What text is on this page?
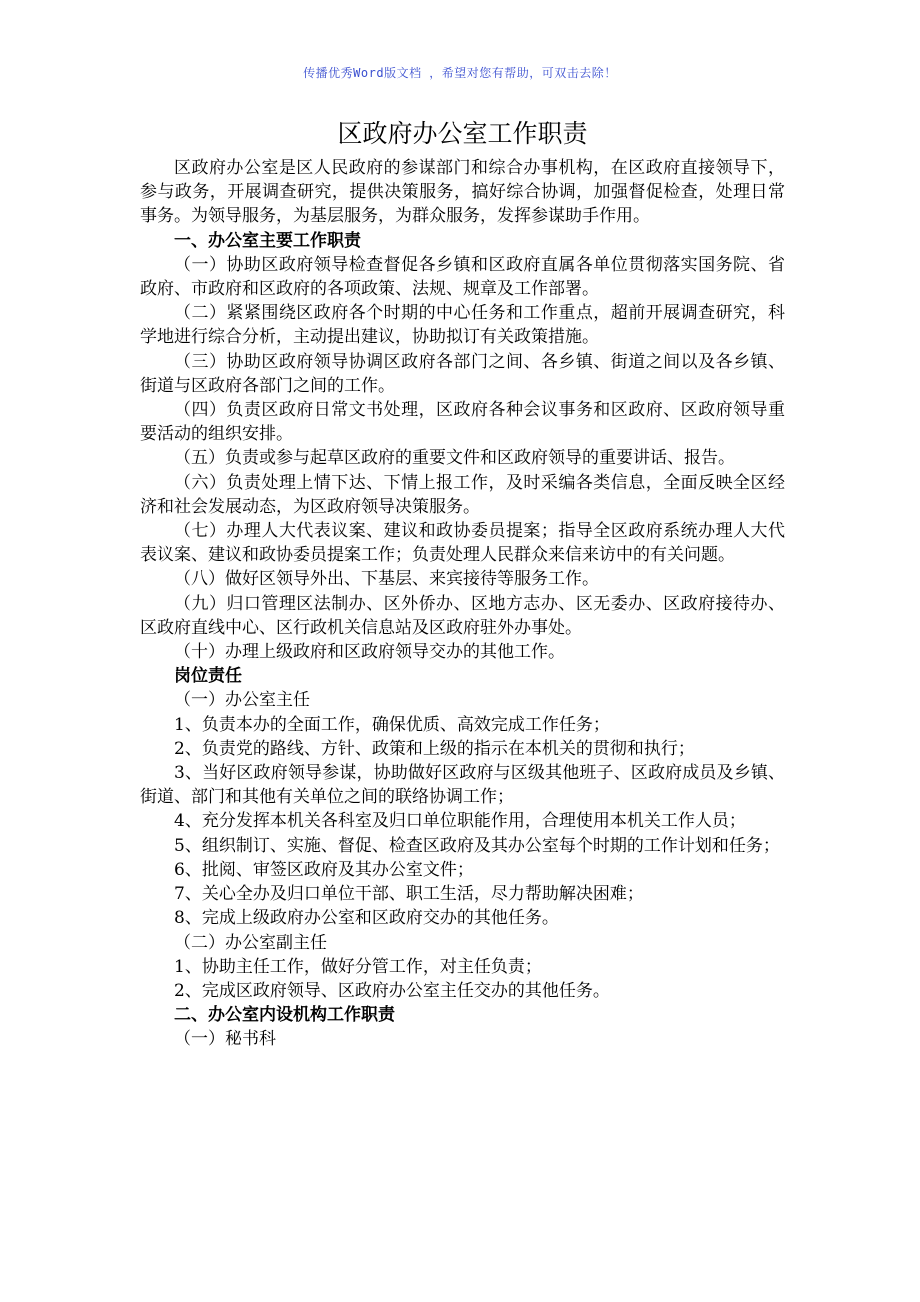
传播优秀Word版文档 ，希望对您有帮助，可双击去除！
区政府办公室工作职责

区政府办公室是区人民政府的参谋部门和综合办事机构，在区政府直接领导下，参与政务，开展调查研究，提供决策服务，搞好综合协调，加强督促检查，处理日常事务。为领导服务，为基层服务，为群众服务，发挥参谋助手作用。

一、办公室主要工作职责

（一）协助区政府领导检查督促各乡镇和区政府直属各单位贯彻落实国务院、省政府、市政府和区政府的各项政策、法规、规章及工作部署。

（二）紧紧围绕区政府各个时期的中心任务和工作重点，超前开展调查研究，科学地进行综合分析，主动提出建议，协助拟订有关政策措施。

（三）协助区政府领导协调区政府各部门之间、各乡镇、街道之间以及各乡镇、街道与区政府各部门之间的工作。

（四）负责区政府日常文书处理，区政府各种会议事务和区政府、区政府领导重要活动的组织安排。

（五）负责或参与起草区政府的重要文件和区政府领导的重要讲话、报告。

（六）负责处理上情下达、下情上报工作，及时采编各类信息，全面反映全区经济和社会发展动态，为区政府领导决策服务。

（七）办理人大代表议案、建议和政协委员提案；指导全区政府系统办理人大代表议案、建议和政协委员提案工作；负责处理人民群众来信来访中的有关问题。

（八）做好区领导外出、下基层、来宾接待等服务工作。

（九）归口管理区法制办、区外侨办、区地方志办、区无委办、区政府接待办、区政府直线中心、区行政机关信息站及区政府驻外办事处。

（十）办理上级政府和区政府领导交办的其他工作。

岗位责任

（一）办公室主任

1、负责本办的全面工作，确保优质、高效完成工作任务；

2、负责党的路线、方针、政策和上级的指示在本机关的贯彻和执行；

3、当好区政府领导参谋，协助做好区政府与区级其他班子、区政府成员及乡镇、街道、部门和其他有关单位之间的联络协调工作；

4、充分发挥本机关各科室及归口单位职能作用，合理使用本机关工作人员；

5、组织制订、实施、督促、检查区政府及其办公室每个时期的工作计划和任务；

6、批阅、审签区政府及其办公室文件；

7、关心全办及归口单位干部、职工生活，尽力帮助解决困难；

8、完成上级政府办公室和区政府交办的其他任务。

（二）办公室副主任

1、协助主任工作，做好分管工作，对主任负责；

2、完成区政府领导、区政府办公室主任交办的其他任务。

二、办公室内设机构工作职责

（一）秘书科
